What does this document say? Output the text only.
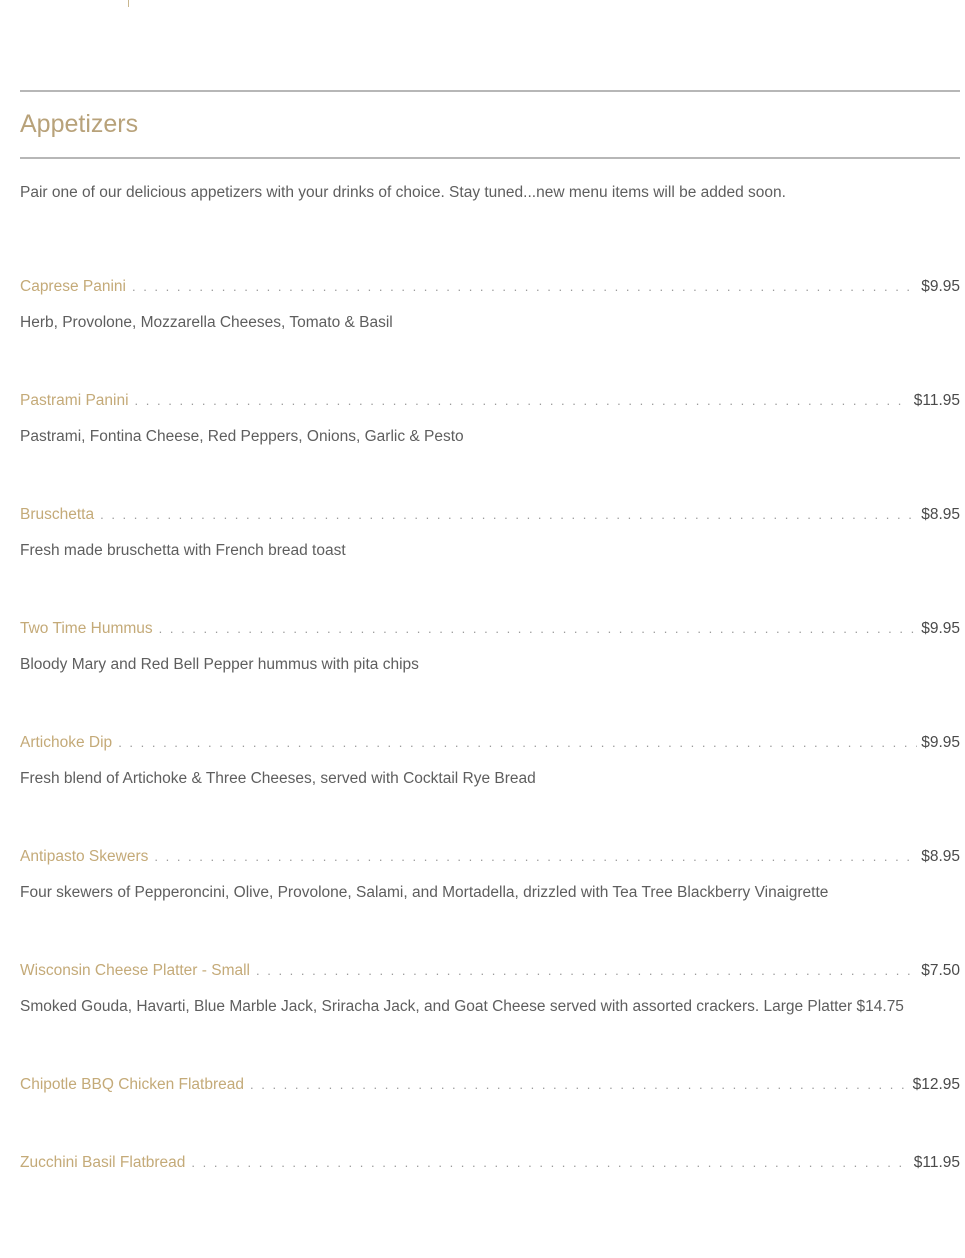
Appetizers

Pair one of our delicious appetizers with your drinks of choice. Stay tuned...new menu items will be added soon.

Caprese Panini . . .	$9.95
Herb, Provolone, Mozzarella Cheeses, Tomato & Basil
Pastrami Panini . . .	$11.95
Pastrami, Fontina Cheese, Red Peppers, Onions, Garlic & Pesto
Bruschetta . . .	$8.95
Fresh made bruschetta with French bread toast
Two Time Hummus . . .	$9.95
Bloody Mary and Red Bell Pepper hummus with pita chips
Artichoke Dip . . .	$9.95
Fresh blend of Artichoke & Three Cheeses, served with Cocktail Rye Bread
Antipasto Skewers . . .	$8.95
Four skewers of Pepperoncini, Olive, Provolone, Salami, and Mortadella, drizzled with Tea Tree Blackberry Vinaigrette
Wisconsin Cheese Platter - Small . . .	$7.50
Smoked Gouda, Havarti, Blue Marble Jack, Sriracha Jack, and Goat Cheese served with assorted crackers. Large Platter $14.75
Chipotle BBQ Chicken Flatbread . . .	$12.95
Zucchini Basil Flatbread . . .	$11.95
